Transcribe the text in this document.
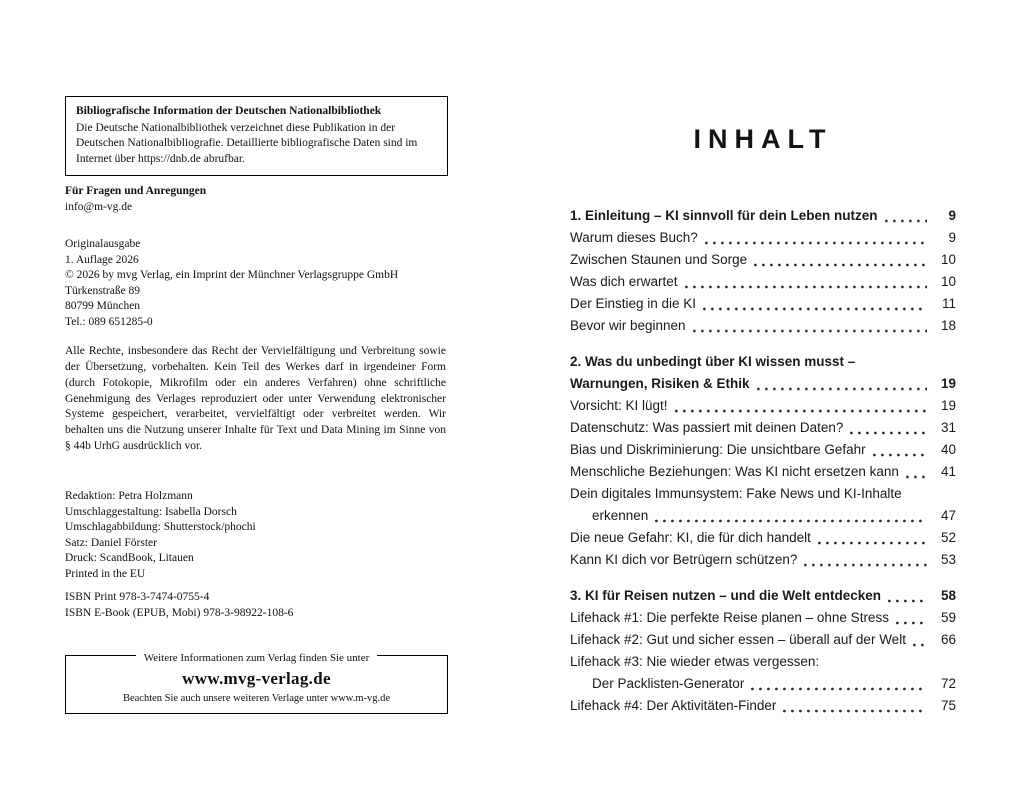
Bibliografische Information der Deutschen Nationalbibliothek
Die Deutsche Nationalbibliothek verzeichnet diese Publikation in der Deutschen Nationalbibliografie. Detaillierte bibliografische Daten sind im Internet über https://dnb.de abrufbar.
Für Fragen und Anregungen
info@m-vg.de
Originalausgabe
1. Auflage 2026
© 2026 by mvg Verlag, ein Imprint der Münchner Verlagsgruppe GmbH
Türkenstraße 89
80799 München
Tel.: 089 651285-0
Alle Rechte, insbesondere das Recht der Vervielfältigung und Verbreitung sowie der Übersetzung, vorbehalten. Kein Teil des Werkes darf in irgendeiner Form (durch Fotokopie, Mikrofilm oder ein anderes Verfahren) ohne schriftliche Genehmigung des Verlages reproduziert oder unter Verwendung elektronischer Systeme gespeichert, verarbeitet, vervielfältigt oder verbreitet werden. Wir behalten uns die Nutzung unserer Inhalte für Text und Data Mining im Sinne von § 44b UrhG ausdrücklich vor.
Redaktion: Petra Holzmann
Umschlaggestaltung: Isabella Dorsch
Umschlagabbildung: Shutterstock/phochi
Satz: Daniel Förster
Druck: ScandBook, Litauen
Printed in the EU
ISBN Print 978-3-7474-0755-4
ISBN E-Book (EPUB, Mobi) 978-3-98922-108-6
Weitere Informationen zum Verlag finden Sie unter
www.mvg-verlag.de
Beachten Sie auch unsere weiteren Verlage unter www.m-vg.de
INHALT
1. Einleitung – KI sinnvoll für dein Leben nutzen	9
Warum dieses Buch?	9
Zwischen Staunen und Sorge	10
Was dich erwartet	10
Der Einstieg in die KI	11
Bevor wir beginnen	18
2. Was du unbedingt über KI wissen musst –
Warnungen, Risiken & Ethik	19
Vorsicht: KI lügt!	19
Datenschutz: Was passiert mit deinen Daten?	31
Bias und Diskriminierung: Die unsichtbare Gefahr	40
Menschliche Beziehungen: Was KI nicht ersetzen kann	41
Dein digitales Immunsystem: Fake News und KI-Inhalte
erkennen	47
Die neue Gefahr: KI, die für dich handelt	52
Kann KI dich vor Betrügern schützen?	53
3. KI für Reisen nutzen – und die Welt entdecken	58
Lifehack #1: Die perfekte Reise planen – ohne Stress	59
Lifehack #2: Gut und sicher essen – überall auf der Welt	66
Lifehack #3: Nie wieder etwas vergessen:
Der Packlisten-Generator	72
Lifehack #4: Der Aktivitäten-Finder	75
